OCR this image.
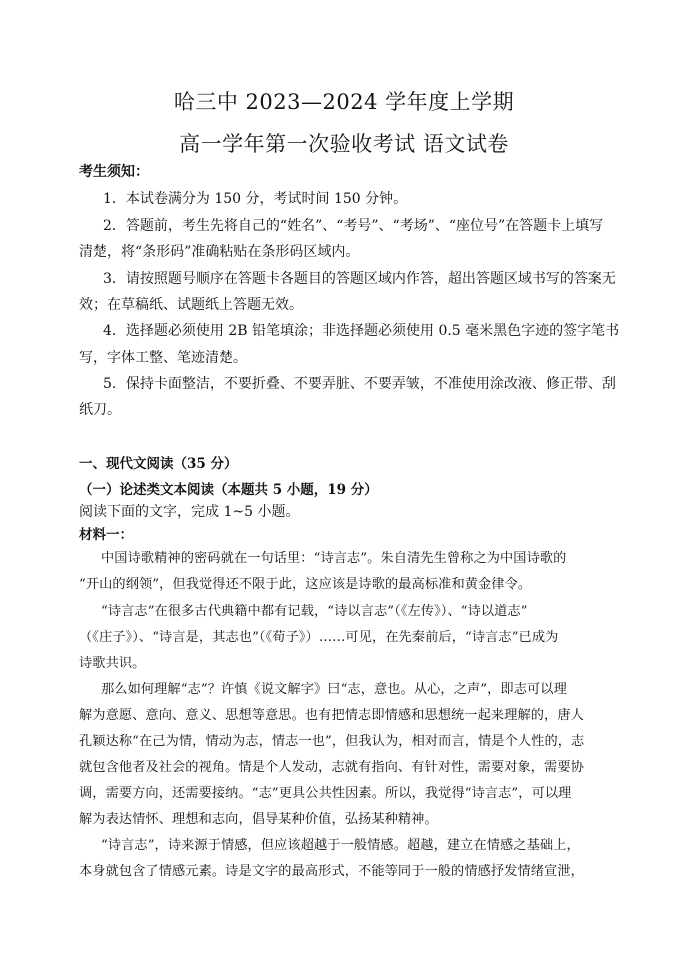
哈三中 2023—2024 学年度上学期
高一学年第一次验收考试 语文试卷
考生须知：
1．本试卷满分为 150 分，考试时间 150 分钟。
2．答题前，考生先将自己的“姓名”、“考号”、“考场”、“座位号”在答题卡上填写
清楚，将“条形码”准确粘贴在条形码区域内。
3．请按照题号顺序在答题卡各题目的答题区域内作答，超出答题区域书写的答案无
效；在草稿纸、试题纸上答题无效。
4．选择题必须使用 2B 铅笔填涂；非选择题必须使用 0.5 毫米黑色字迹的签字笔书
写，字体工整、笔迹清楚。
5．保持卡面整洁，不要折叠、不要弄脏、不要弄皱，不准使用涂改液、修正带、刮
纸刀。
一、现代文阅读（35 分）
（一）论述类文本阅读（本题共 5 小题，19 分）
阅读下面的文字，完成 1~5 小题。
材料一：
中国诗歌精神的密码就在一句话里：“诗言志”。朱自清先生曾称之为中国诗歌的
“开山的纲领”，但我觉得还不限于此，这应该是诗歌的最高标准和黄金律令。
“诗言志”在很多古代典籍中都有记载，“诗以言志”（《左传》）、“诗以道志”
（《庄子》）、“诗言是，其志也”（《荀子》）……可见，在先秦前后，“诗言志”已成为
诗歌共识。
那么如何理解“志”？许慎《说文解字》曰“志，意也。从心，之声”，即志可以理
解为意愿、意向、意义、思想等意思。也有把情志即情感和思想统一起来理解的，唐人
孔颖达称“在己为情，情动为志，情志一也”，但我认为，相对而言，情是个人性的，志
就包含他者及社会的视角。情是个人发动，志就有指向、有针对性，需要对象，需要协
调，需要方向，还需要接纳。“志”更具公共性因素。所以，我觉得“诗言志”，可以理
解为表达情怀、理想和志向，倡导某种价值，弘扬某种精神。
“诗言志”，诗来源于情感，但应该超越于一般情感。超越，建立在情感之基础上，
本身就包含了情感元素。诗是文字的最高形式，不能等同于一般的情感抒发情绪宣泄，
